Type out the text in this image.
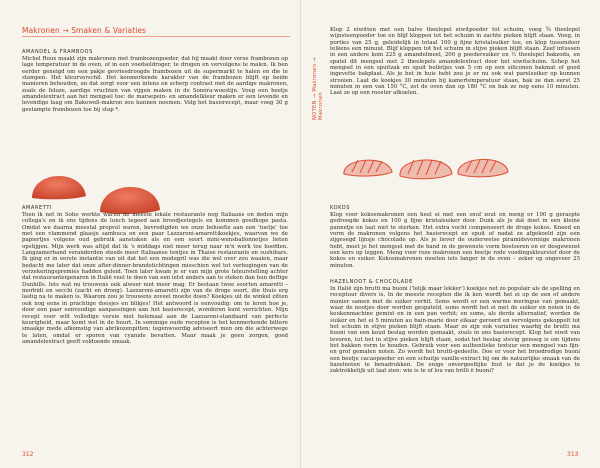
Makronen → Smaken & Variaties
AMANDEL & FRAMBOOS
Michel Roux maakt zijn makronen met frambozenpoeder, dat hij maakt door verse frambozen op lage temperatuur in de oven, of in een voedseldroger, te drogen en vervolgens te malen. Ik ben eerder geneigd om een pakje gevriesdroogde frambozen uit de supermarkt te halen en die te stampen. Het kleurverschil. Het kenmerkende karakter van de frambozen blijft op beide manieren behouden, en dat zorgt voor een intens en scherp contrast met de aardige makronen, zoals de feloze, aardige vruchten van vijgen maken in de Sonora-woestijn. Voeg een beetje amandelextract aan het mengsel toe: de marsepein- en amandelkleur maken er een levende en levendige laag om Bakewell-makron zou kunnen noemen. Volg het basisrecept, maar voeg 30 g gestampte frambozen toe bij stap *.
AMARETTI
Toen ik net in Soho werkte waren de meeste lokale restaurants nog Italiaans en deden mijn collega's en ik ons tijdens de lunch tegoed aan broodjestegels en kommen goedkope pasta. Omdat we daarna meestal propvol waren, bevredigden we onze behoefte aan een 'toetje' toe met een vlammend glaasje sambuca en een paar Lazzaroni-amarettikoekjes, waarvan we de papiertjes volgens oud gebruik aanstaken als en een soort mini-wensballonnetjes lieten opstijgen. Mijn werk was altijd dat ik 's middags niet meer terug naar m'n werk toe hoefden. Langzamerhand veranderden steeds meer Italiaanse tentjes in Thaise restaurants en sushibars. Ik ging er in eerste instantie van uit dat het een modegril was die wel over zou waaien, maar bedacht me later dat onze after-dinner-brandstichtingen misschien wel tot verhogingen van de verzekeringspremies hadden geleid. Toen later kwam je er van mijn grote teleurstelling achter dat restauranteigenaren in Italië veel te doen van een ietst anders aan te steken dan hun deftige Dunhills. Iets wat nu trouwens ook alweer niet meer mag. Er bestaan twee soorten amaretti – morbidi en secchi (zacht en droog). Lazzaroni-amaretti zijn van de droge soort, die thuis erg lastig na te maken is. Waarom zou je trouwens zoveel moeite doen? Koekjes uit de winkel zitten ook nog eens in prachtige doosjes en blikjes! Het antwoord is eenvoudig: om te leren hoe je, door een paar eenvoudige aanpassingen aan het basisrecept, wonderen kunt verrichten. Mijn recept voor wilt volledige versie niet helemaal aan de Lazzaroni-standaard van perfecte keurigheid, maar komt wel in de buurt. In sommige oude recepten is het kenmerkende bittere smaakje mede afkomstig van abrikozenpitten; tegenwoordig adviseert men om die achterwege te laten, omdat er sporen van cyanide bevatten. Maar maak je geen zorgen, goed amandelextract geeft voldoende smaak.
312
NOTEN → Makronen → Makronen
Klop 2 eiwitten met een halve theelepel eiwitpoeder tot schuim, voeg ¾ theelepel wijnsteenpoeder toe en blijf kloppen tot het schuim in zachte pieken blijft staan. Voeg, in porties van 25 g, geleidelijk in totaal 100 g fijne kristalsuiker toe, en klop tussendoor telkens een minuut. Blijf kloppen tot het schuim in stijve pieken blijft staan. Zeef intussen in een andere kom 225 g amandelmeel, 200 g poedersuiker en ½ theelepel bakzoda, en spatel dit mengsel met 2 theelepels amandelextract door het eiwitschuim. Schep het mengsel in een spuitzak en spuit bolletjes van 5 cm op een siliconen bakmat of goed ingevette bakplaat. Als je het in huis hebt zou je er nu ook wat parelsuiker op kunnen strooien. Laat de koekjes 30 minuten bij kamertemperatuur staan, bak ze dan eerst 25 minuten in een van 150 °C, zet de oven dan op 180 °C en bak ze nog eens 10 minuten. Laat ze op een rooster afkoelen.
KOKOS
Klop voor kokosmakronen een heel ei met een snuf zout en meng er 100 g geraspte gedroogde kokos en 100 g fijne kristalsuiker door. Dunk als je dat doet in een kleine pannetje en laat niet te sterken. Het extra vocht compenseert de droge kokos. Kneed en vorm de makronen volgens het basisrecept en spuit of nadat ze afgekoeld zijn een zijgesegd lijnsje chocolade op. Als je liever de ouderwetse piramidevormige makronen hebt, moet je het mengsel met de hand in de gewenste vorm boetseren en er desgewenst een kers op leggen. Meng voor roze makronen een beetje rode voedingskleurstof door de kokos en suiker. Kokosmakronen moeten iets langer in de oven – zeker op ongeveer 25 minuten.
HAZELNOOT & CHOCOLADE
In Italië zijn brutti ma buoni ('lelijk maar lekker') koekjes net zo populair als de spelling en receptuur divers is. In de meeste recepten die ik ken wordt het ei op de een of andere manier samen met de suiker verhit. Soms wordt er een warme meringue van gemaakt, waar de nootjes door worden gespateld, soms wordt het ei met de suiker en noten in de keukenmachine gemixt en in een pan verhit; en soms, als derde alternatief, worden de suiker en het ei 5 minuten au bain-marie door elkaar geroerd en vervolgens gekoppelt tot het schuim in stijve pieken blijft staan. Maar ze zijn ook variaties waarbij de brutti ma buoni van een koud beslag worden gemaakt, zoals in ons basisrecept. Klop het eiwit van tevoren, tot het in stijve pieken blijft staan, sodat het beslag stevig genoeg is om tijdens het bakken vorm te houden. Gebruik voor een authentieke textuur een mengsel van fijn- en grof gemalen noten. Zo wordt het brutti-gedeelte. Doe er voor het broodrodige buoni een beetje cacaopoeder en een schuitje vanille-extract bij om de natuurlijke smaak van de hazelnoten te benadrukken. De enige onvergeeflijke fout is dat je de koekjes te zaktrekkelijk uit laat zien: wie is te of lou van brilli ë buoni?
313
